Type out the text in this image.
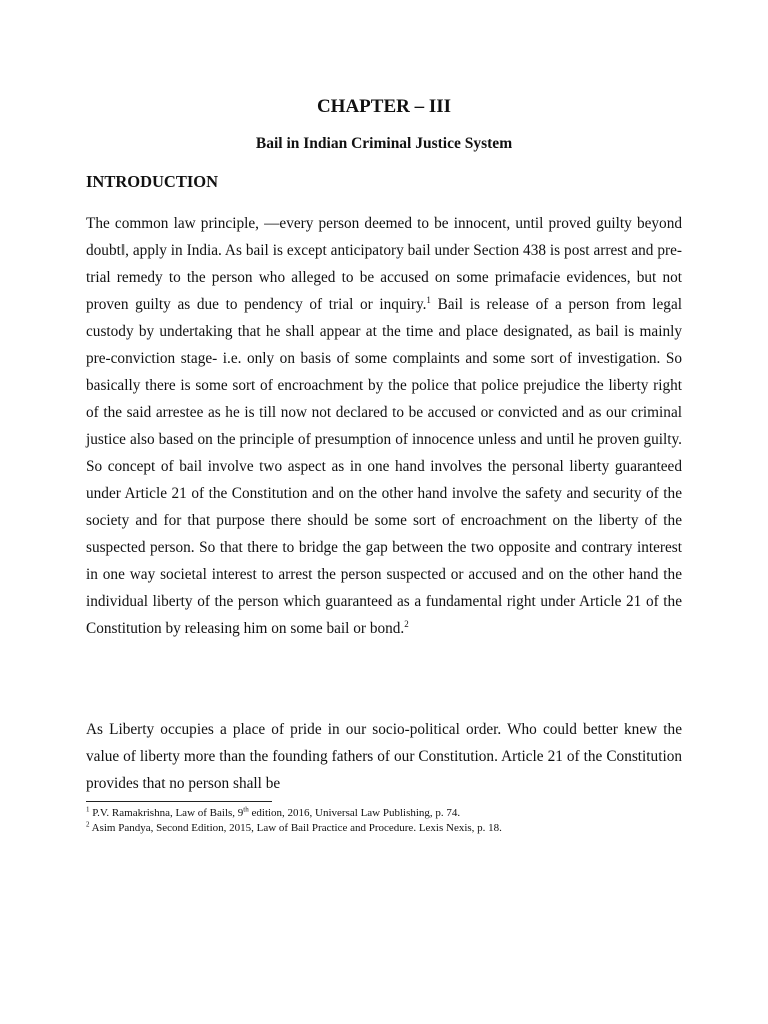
CHAPTER – III
Bail in Indian Criminal Justice System
INTRODUCTION

The common law principle, ―every person deemed to be innocent, until proved guilty beyond doubt‖, apply in India. As bail is except anticipatory bail under Section 438 is post arrest and pre-trial remedy to the person who alleged to be accused on some primafacie evidences, but not proven guilty as due to pendency of trial or inquiry.$^1$ Bail is release of a person from legal custody by undertaking that he shall appear at the time and place designated, as bail is mainly pre-conviction stage- i.e. only on basis of some complaints and some sort of investigation. So basically there is some sort of encroachment by the police that police prejudice the liberty right of the said arrestee as he is till now not declared to be accused or convicted and as our criminal justice also based on the principle of presumption of innocence unless and until he proven guilty. So concept of bail involve two aspect as in one hand involves the personal liberty guaranteed under Article 21 of the Constitution and on the other hand involve the safety and security of the society and for that purpose there should be some sort of encroachment on the liberty of the suspected person. So that there to bridge the gap between the two opposite and contrary interest in one way societal interest to arrest the person suspected or accused and on the other hand the individual liberty of the person which guaranteed as a fundamental right under Article 21 of the Constitution by releasing him on some bail or bond.$^2$

As Liberty occupies a place of pride in our socio-political order. Who could better knew the value of liberty more than the founding fathers of our Constitution. Article 21 of the Constitution provides that no person shall be

$^1$ P.V. Ramakrishna, Law of Bails, 9th edition, 2016, Universal Law Publishing, p. 74.

$^2$ Asim Pandya, Second Edition, 2015, Law of Bail Practice and Procedure. Lexis Nexis, p. 18.
